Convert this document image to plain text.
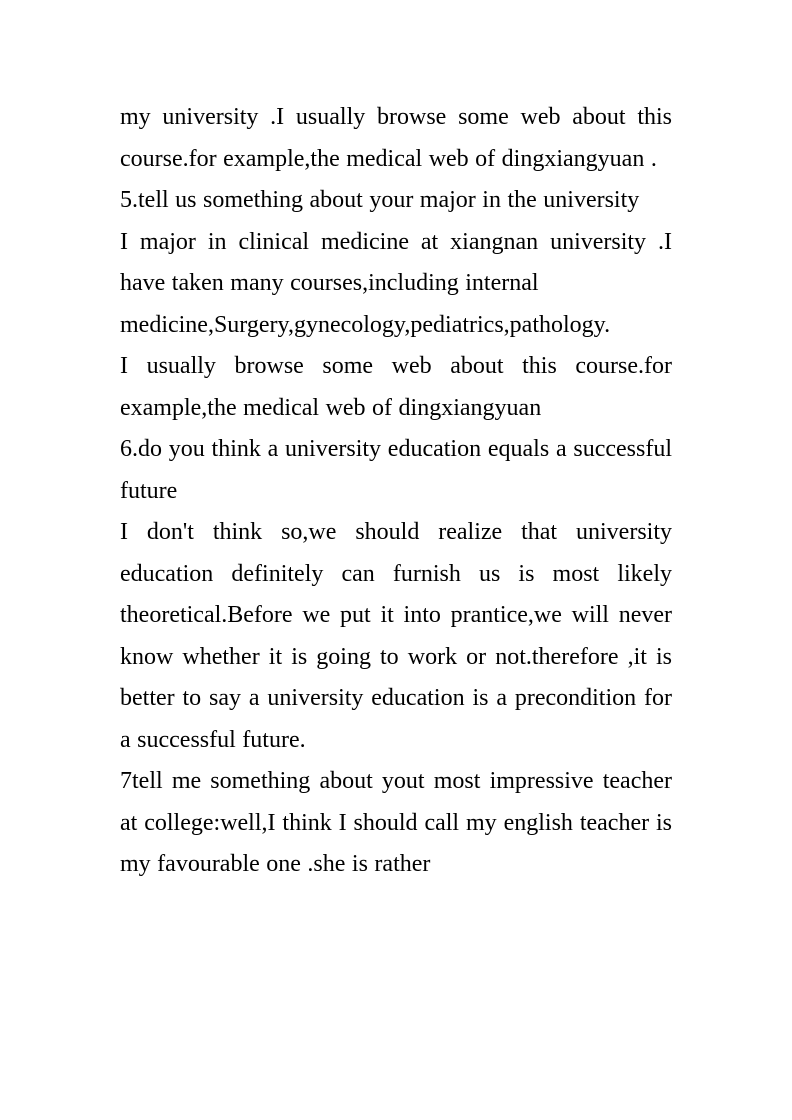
my university .I usually browse some web about this course.for example,the medical web of dingxiangyuan .

5.tell us something about your major in the university

I major in clinical medicine at xiangnan university .I have taken many courses,including internal

medicine,Surgery,gynecology,pediatrics,pathology.

I usually browse some web about this course.for example,the medical web of dingxiangyuan

6.do you think a university education equals a successful future

I don't think so,we should realize that university education definitely can furnish us is most likely theoretical.Before we put it into prantice,we will never know whether it is going to work or not.therefore ,it is better to say a university education is a precondition for a successful future.

7tell me something about yout most impressive teacher at college:well,I think I should call my english teacher is my favourable one .she is rather
